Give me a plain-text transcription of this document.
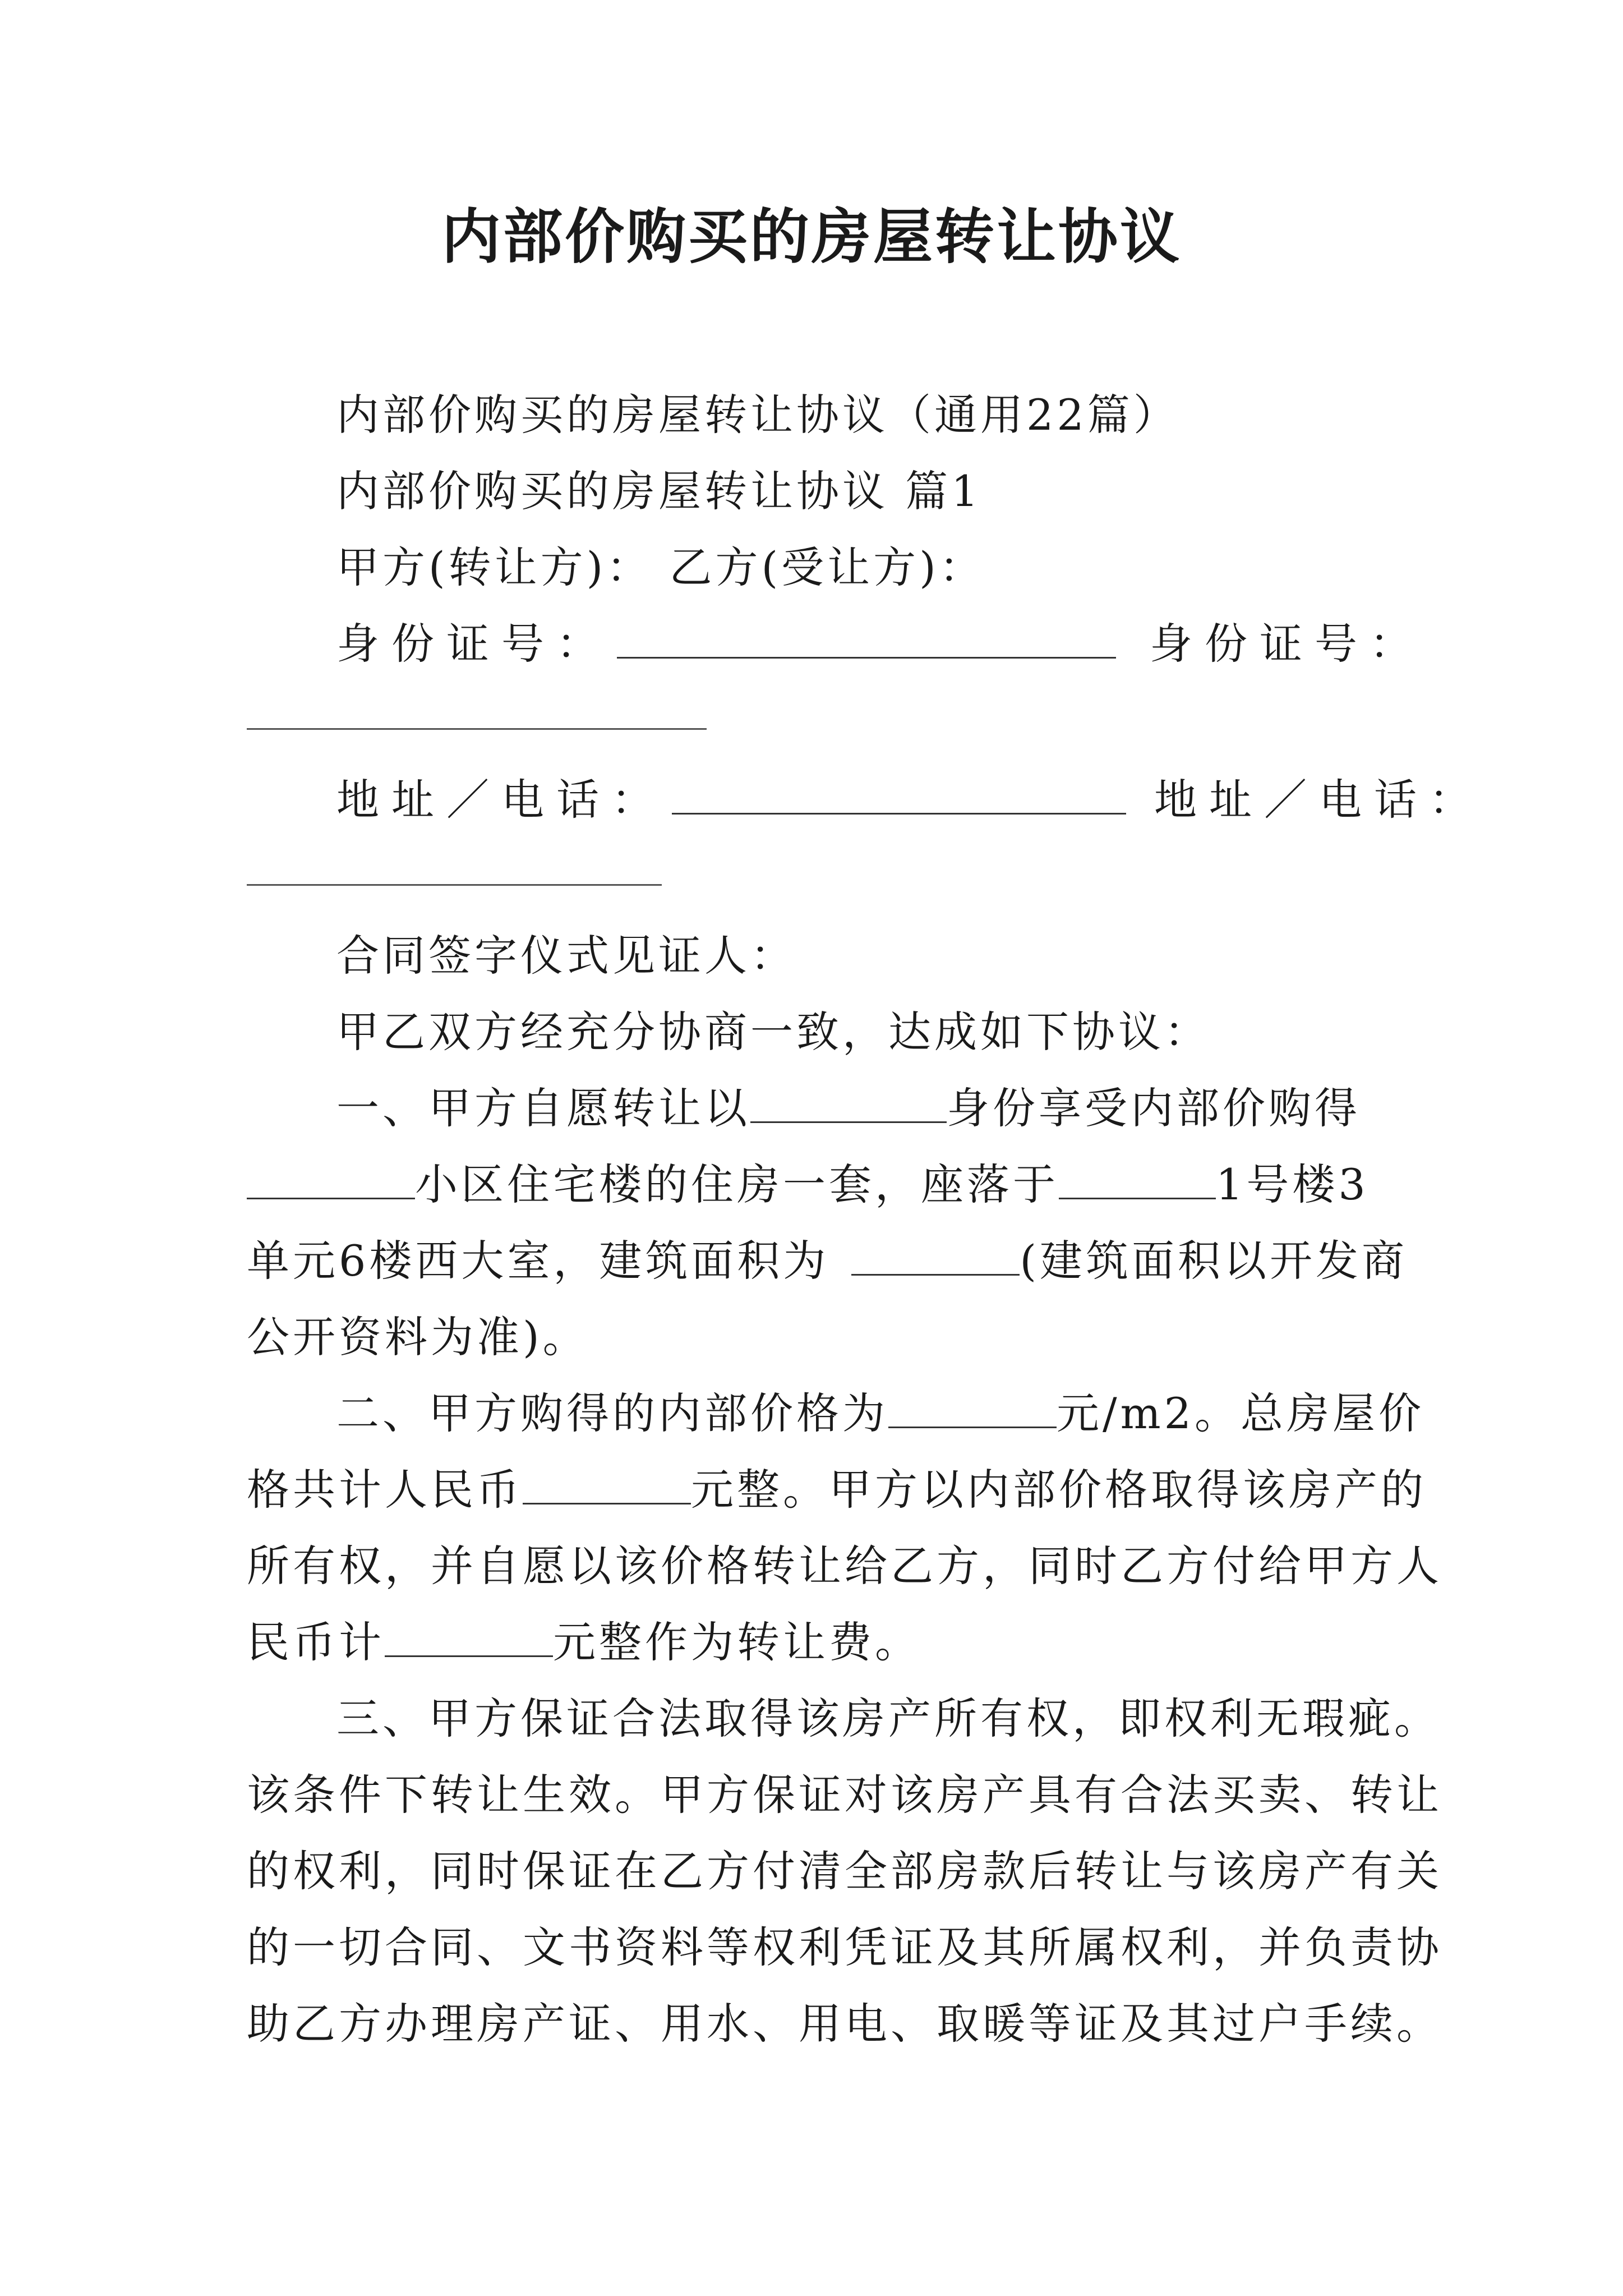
内部价购买的房屋转让协议
内部价购买的房屋转让协议（通用22篇）
内部价购买的房屋转让协议 篇1
甲方(转让方)： 乙方(受让方)：
身份证号：	身份证号：
地址／电话：	地址／电话：
合同签字仪式见证人：
甲乙双方经充分协商一致，达成如下协议：
一、甲方自愿转让以	身份享受内部价购得
小区住宅楼的住房一套，座落于	1号楼3
单元6楼西大室，建筑面积为	(建筑面积以开发商
公开资料为准)。
二、甲方购得的内部价格为	元/m2。总房屋价
格共计人民币	元整。甲方以内部价格取得该房产的
所有权，并自愿以该价格转让给乙方，同时乙方付给甲方人
民币计	元整作为转让费。
三、甲方保证合法取得该房产所有权，即权利无瑕疵。
该条件下转让生效。甲方保证对该房产具有合法买卖、转让
的权利，同时保证在乙方付清全部房款后转让与该房产有关
的一切合同、文书资料等权利凭证及其所属权利，并负责协
助乙方办理房产证、用水、用电、取暖等证及其过户手续。
